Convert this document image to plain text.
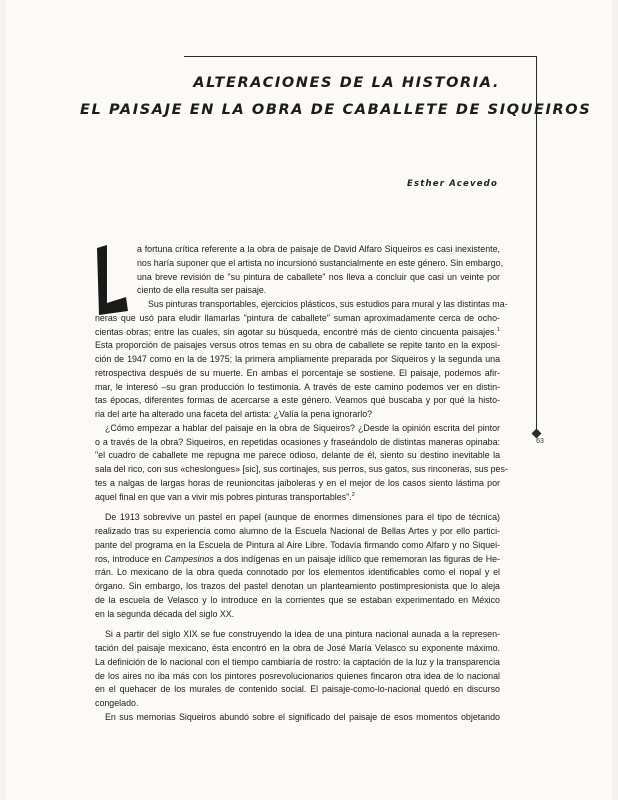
63
ALTERACIONES DE LA HISTORIA.
EL PAISAJE EN LA OBRA DE CABALLETE DE SIQUEIROS
Esther Acevedo

a fortuna crítica referente a la obra de paisaje de David Alfaro Siqueiros es casi inexistente,
nos haría suponer que el artista no incursionó sustancialmente en este género. Sin embargo,
una breve revisión de "su pintura de caballete" nos lleva a concluir que casi un veinte por
ciento de ella resulta ser paisaje.

Sus pinturas transportables, ejercicios plásticos, sus estudios para mural y las distintas ma-
neras que usó para eludir llamarlas "pintura de caballete" suman aproximadamente cerca de ocho-
cientas obras; entre las cuales, sin agotar su búsqueda, encontré más de ciento cincuenta paisajes.$^1$
Esta proporción de paisajes versus otros temas en su obra de caballete se repite tanto en la exposi-
ción de 1947 como en la de 1975; la primera ampliamente preparada por Siqueiros y la segunda una
retrospectiva después de su muerte. En ambas el porcentaje se sostiene. El paisaje, podemos afir-
mar, le interesó –su gran producción lo testimonia. A través de este camino podemos ver en distin-
tas épocas, diferentes formas de acercarse a este género. Veamos qué buscaba y por qué la histo-
ria del arte ha alterado una faceta del artista: ¿Valía la pena ignorarlo?

¿Cómo empezar a hablar del paisaje en la obra de Siqueiros? ¿Desde la opinión escrita del pintor
o a través de la obra? Siqueiros, en repetidas ocasiones y fraseándolo de distintas maneras opinaba:
"el cuadro de caballete me repugna me parece odioso, delante de él, siento su destino inevitable la
sala del rico, con sus «cheslongues» [sic], sus cortinajes, sus perros, sus gatos, sus rinconeras, sus pes-
tes a nalgas de largas horas de reunioncitas jaiboleras y en el mejor de los casos siento lástima por
aquel final en que van a vivir mis pobres pinturas transportables".$^2$

De 1913 sobrevive un pastel en papel (aunque de enormes dimensiones para el tipo de técnica)
realizado tras su experiencia como alumno de la Escuela Nacional de Bellas Artes y por ello partici-
pante del programa en la Escuela de Pintura al Aire Libre. Todavía firmando como Alfaro y no Siquei-
ros, introduce en Campesinos a dos indígenas en un paisaje idílico que rememoran las figuras de He-
rrán. Lo mexicano de la obra queda connotado por los elementos identificables como el nopal y el
órgano. Sin embargo, los trazos del pastel denotan un planteamiento postimpresionista que lo aleja
de la escuela de Velasco y lo introduce en la corrientes que se estaban experimentado en México
en la segunda década del siglo XX.

Si a partir del siglo XIX se fue construyendo la idea de una pintura nacional aunada a la represen-
tación del paisaje mexicano, ésta encontró en la obra de José María Velasco su exponente máximo.
La definición de lo nacional con el tiempo cambiaría de rostro: la captación de la luz y la transparencia
de los aires no iba más con los pintores posrevolucionarios quienes fincaron otra idea de lo nacional
en el quehacer de los murales de contenido social. El paisaje-como-lo-nacional quedó en discurso
congelado.

En sus memorias Siqueiros abundó sobre el significado del paisaje de esos momentos objetando
